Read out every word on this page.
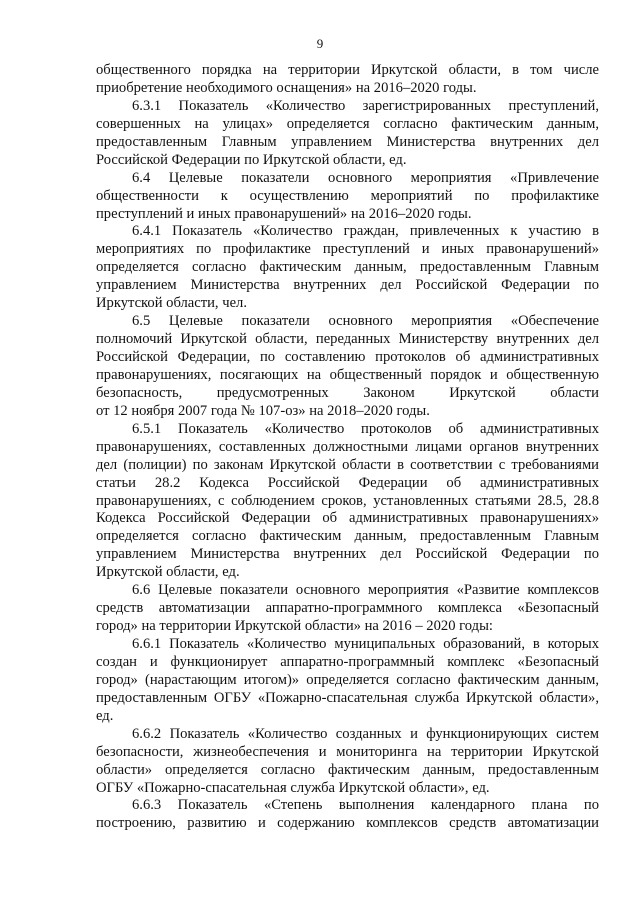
9
общественного порядка на территории Иркутской области, в том числе
приобретение необходимого оснащения» на 2016–2020 годы.
6.3.1 Показатель «Количество зарегистрированных преступлений,
совершенных на улицах» определяется согласно фактическим данным,
предоставленным Главным управлением Министерства внутренних дел
Российской Федерации по Иркутской области, ед.
6.4 Целевые показатели основного мероприятия «Привлечение
общественности к осуществлению мероприятий по профилактике
преступлений и иных правонарушений» на 2016–2020 годы.
6.4.1 Показатель «Количество граждан, привлеченных к участию в
мероприятиях по профилактике преступлений и иных правонарушений»
определяется согласно фактическим данным, предоставленным Главным
управлением Министерства внутренних дел Российской Федерации по
Иркутской области, чел.
6.5 Целевые показатели основного мероприятия «Обеспечение
полномочий Иркутской области, переданных Министерству внутренних дел
Российской Федерации, по составлению протоколов об административных
правонарушениях, посягающих на общественный порядок и общественную
безопасность, предусмотренных Законом Иркутской области
от 12 ноября 2007 года № 107-оз» на 2018–2020 годы.
6.5.1 Показатель «Количество протоколов об административных
правонарушениях, составленных должностными лицами органов внутренних
дел (полиции) по законам Иркутской области в соответствии с требованиями
статьи 28.2 Кодекса Российской Федерации об административных
правонарушениях, с соблюдением сроков, установленных статьями 28.5, 28.8
Кодекса Российской Федерации об административных правонарушениях»
определяется согласно фактическим данным, предоставленным Главным
управлением Министерства внутренних дел Российской Федерации по
Иркутской области, ед.
6.6 Целевые показатели основного мероприятия «Развитие комплексов
средств автоматизации аппаратно-программного комплекса «Безопасный
город» на территории Иркутской области» на 2016 – 2020 годы:
6.6.1 Показатель «Количество муниципальных образований, в которых
создан и функционирует аппаратно-программный комплекс «Безопасный
город» (нарастающим итогом)» определяется согласно фактическим данным,
предоставленным ОГБУ «Пожарно-спасательная служба Иркутской области»,
ед.
6.6.2 Показатель «Количество созданных и функционирующих систем
безопасности, жизнеобеспечения и мониторинга на территории Иркутской
области» определяется согласно фактическим данным, предоставленным
ОГБУ «Пожарно-спасательная служба Иркутской области», ед.
6.6.3 Показатель «Степень выполнения календарного плана по
построению, развитию и содержанию комплексов средств автоматизации
